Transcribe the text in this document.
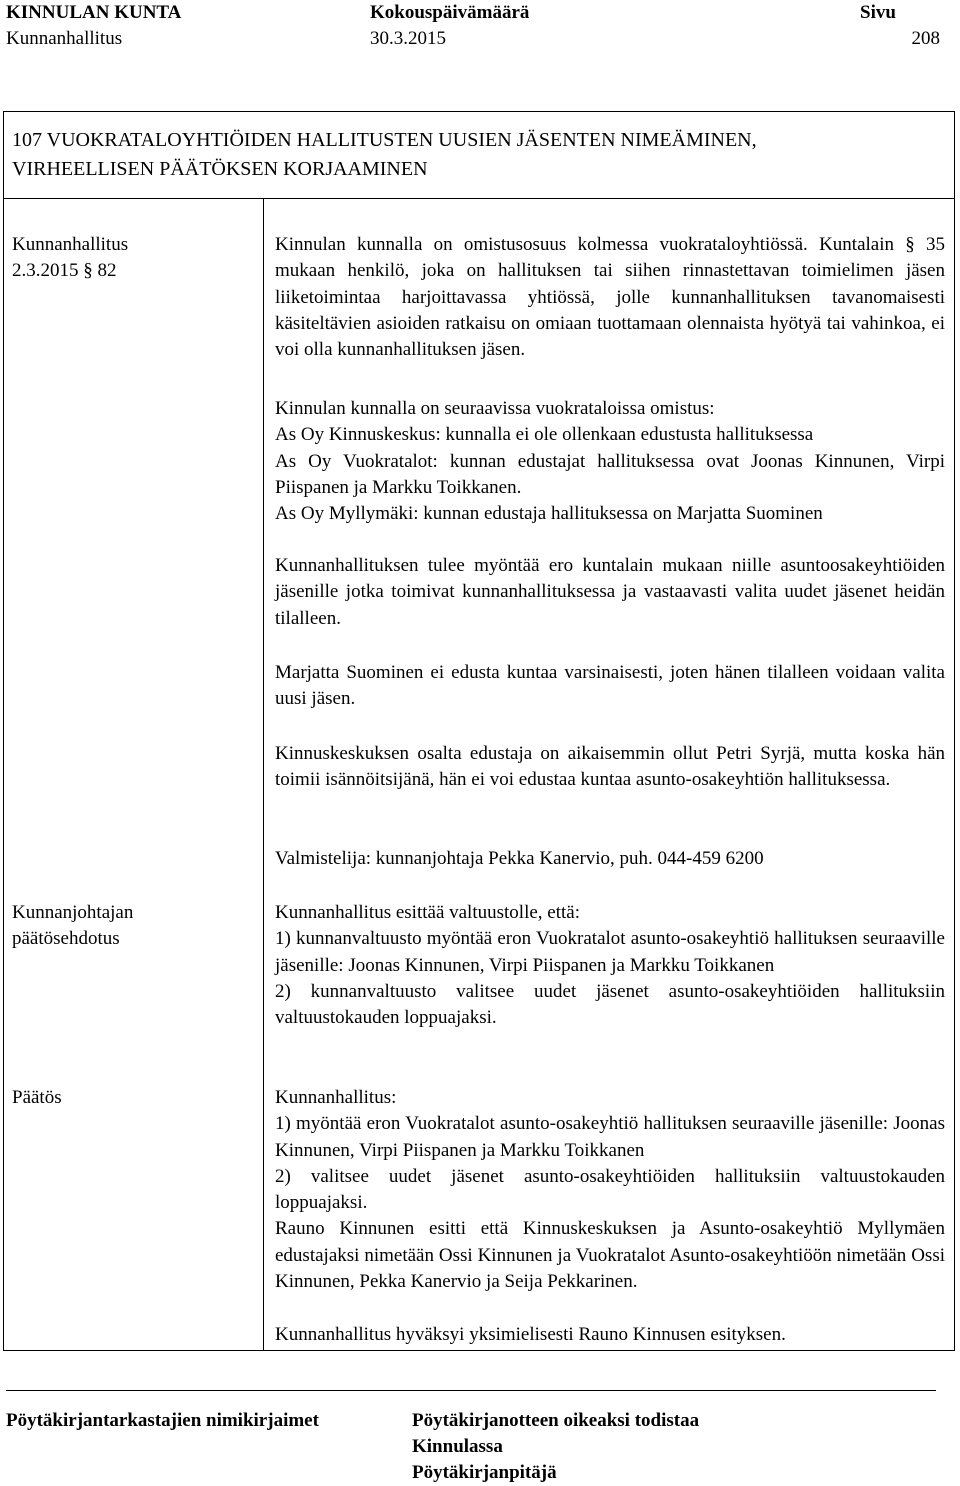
KINNULAN KUNTA
Kunnanhallitus
Kokouspäivämäärä
30.3.2015
Sivu
208
107 VUOKRATALOYHTIÖIDEN HALLITUSTEN UUSIEN JÄSENTEN NIMEÄMINEN,
VIRHEELLISEN PÄÄTÖKSEN KORJAAMINEN
Kunnanhallitus
2.3.2015 § 82

Kinnulan kunnalla on omistusosuus kolmessa vuokrataloyhtiössä. Kuntalain § 35 mukaan henkilö, joka on hallituksen tai siihen rinnastettavan toimielimen jäsen liiketoimintaa harjoittavassa yhtiössä, jolle kunnanhallituksen tavanomaisesti käsiteltävien asioiden ratkaisu on omiaan tuottamaan olennaista hyötyä tai vahinkoa, ei voi olla kunnanhallituksen jäsen.

Kinnulan kunnalla on seuraavissa vuokrataloissa omistus:

As Oy Kinnuskeskus: kunnalla ei ole ollenkaan edustusta hallituksessa

As Oy Vuokratalot: kunnan edustajat hallituksessa ovat Joonas Kinnunen, Virpi Piispanen ja Markku Toikkanen.

As Oy Myllymäki: kunnan edustaja hallituksessa on Marjatta Suominen

Kunnanhallituksen tulee myöntää ero kuntalain mukaan niille asuntoosakeyhtiöiden jäsenille jotka toimivat kunnanhallituksessa ja vastaavasti valita uudet jäsenet heidän tilalleen.

Marjatta Suominen ei edusta kuntaa varsinaisesti, joten hänen tilalleen voidaan valita uusi jäsen.

Kinnuskeskuksen osalta edustaja on aikaisemmin ollut Petri Syrjä, mutta koska hän toimii isännöitsijänä, hän ei voi edustaa kuntaa asunto-osakeyhtiön hallituksessa.

Valmistelija: kunnanjohtaja Pekka Kanervio, puh. 044-459 6200

Kunnanjohtajan päätösehdotus

Kunnanhallitus esittää valtuustolle, että:

1) kunnanvaltuusto myöntää eron Vuokratalot asunto-osakeyhtiö hallituksen seuraaville jäsenille: Joonas Kinnunen, Virpi Piispanen ja Markku Toikkanen

2) kunnanvaltuusto valitsee uudet jäsenet asunto-osakeyhtiöiden hallituksiin valtuustokauden loppuajaksi.

Päätös	Kunnanhallitus:

1) myöntää eron Vuokratalot asunto-osakeyhtiö hallituksen seuraaville jäsenille: Joonas Kinnunen, Virpi Piispanen ja Markku Toikkanen

2) valitsee uudet jäsenet asunto-osakeyhtiöiden hallituksiin valtuustokauden loppuajaksi.

Rauno Kinnunen esitti että Kinnuskeskuksen ja Asunto-osakeyhtiö Myllymäen edustajaksi nimetään Ossi Kinnunen ja Vuokratalot Asunto-osakeyhtiöön nimetään Ossi Kinnunen, Pekka Kanervio ja Seija Pekkarinen.

Kunnanhallitus hyväksyi yksimielisesti Rauno Kinnusen esityksen.

Pöytäkirjantarkastajien nimikirjaimet	Pöytäkirjanotteen oikeaksi todistaa
Kinnulassa
Pöytäkirjanpitäjä
